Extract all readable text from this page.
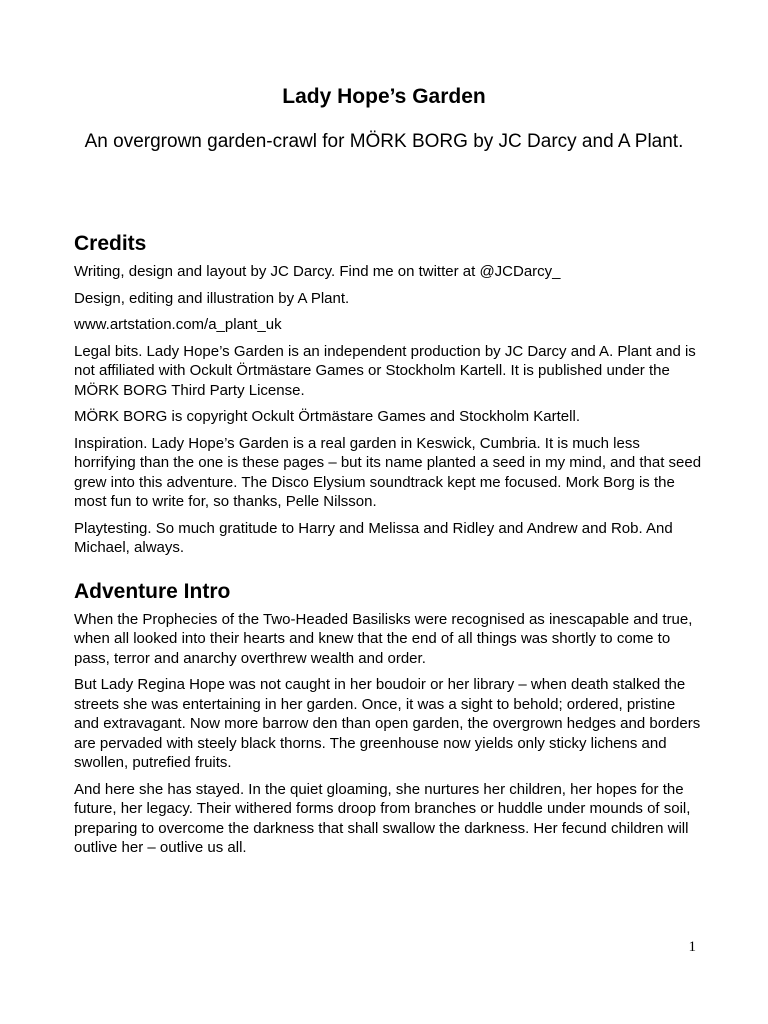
Lady Hope’s Garden

An overgrown garden-crawl for MÖRK BORG by JC Darcy and A Plant.

Credits

Writing, design and layout by JC Darcy. Find me on twitter at @JCDarcy_

Design, editing and illustration by A Plant.

www.artstation.com/a_plant_uk

Legal bits. Lady Hope’s Garden is an independent production by JC Darcy and A. Plant and is not affiliated with Ockult Örtmästare Games or Stockholm Kartell. It is published under the MÖRK BORG Third Party License.

MÖRK BORG is copyright Ockult Örtmästare Games and Stockholm Kartell.

Inspiration. Lady Hope’s Garden is a real garden in Keswick, Cumbria. It is much less horrifying than the one is these pages – but its name planted a seed in my mind, and that seed grew into this adventure. The Disco Elysium soundtrack kept me focused. Mork Borg is the most fun to write for, so thanks, Pelle Nilsson.

Playtesting. So much gratitude to Harry and Melissa and Ridley and Andrew and Rob. And Michael, always.

Adventure Intro

When the Prophecies of the Two-Headed Basilisks were recognised as inescapable and true, when all looked into their hearts and knew that the end of all things was shortly to come to pass, terror and anarchy overthrew wealth and order.

But Lady Regina Hope was not caught in her boudoir or her library – when death stalked the streets she was entertaining in her garden. Once, it was a sight to behold; ordered, pristine and extravagant. Now more barrow den than open garden, the overgrown hedges and borders are pervaded with steely black thorns. The greenhouse now yields only sticky lichens and swollen, putrefied fruits.

And here she has stayed. In the quiet gloaming, she nurtures her children, her hopes for the future, her legacy. Their withered forms droop from branches or huddle under mounds of soil, preparing to overcome the darkness that shall swallow the darkness. Her fecund children will outlive her – outlive us all.

1
